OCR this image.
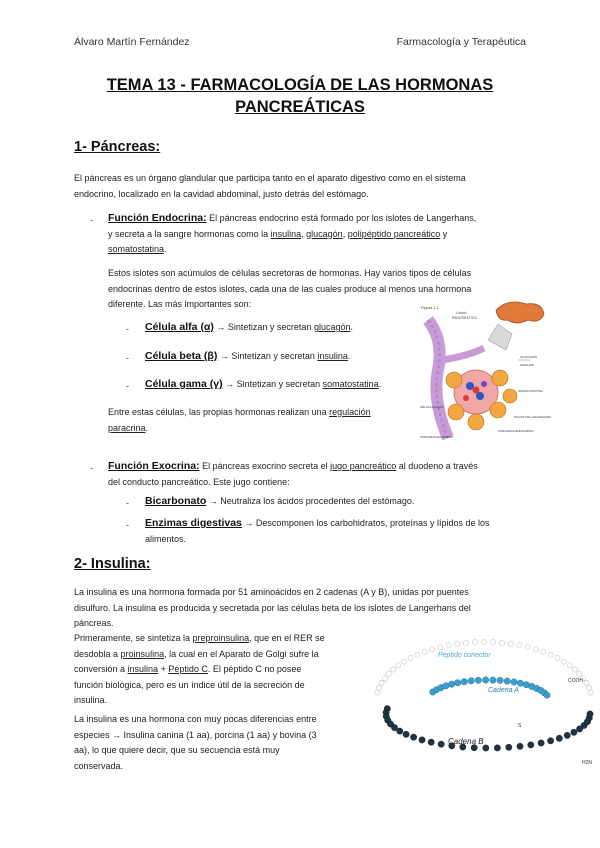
Álvaro Martín Fernández	Farmacología y Terapéutica
TEMA 13 - FARMACOLOGÍA DE LAS HORMONAS
PANCREÁTICAS
1- Páncreas:
El páncreas es un órgano glandular que participa tanto en el aparato digestivo como en el sistema
endocrino, localizado en la cavidad abdominal, justo detrás del estómago.
- Función Endocrina: El páncreas endocrino está formado por los islotes de Langerhans,
y secreta a la sangre hormonas como la insulina, glucagón, polipéptido pancreático y
somatostatina.
Estos islotes son acúmulos de células secretoras de hormonas. Hay varios tipos de células
endocrinas dentro de estos islotes, cada una de las cuales produce al menos una hormona
diferente. Las más importantes son:
- Célula alfa (α) → Sintetizan y secretan glucagón.
- Célula beta (β) → Sintetizan y secretan insulina.
- Célula gama (γ) → Sintetizan y secretan somatostatina.
Entre estas células, las propias hormonas realizan una regulación
paracrina.
Figura 1.1
Lóbulo
PANCREÁTICO
GLUCAGÓN
INSULINA
SOMATOSTATINA
ISLOTE DE LANGERHANS
CÉLULA ACINAR
PÁNCREAS ENDOCRINO
PÁNCREAS EXOCRINO
- Función Exocrina: El páncreas exocrino secreta el jugo pancreático al duodeno a través
del conducto pancreático. Este jugo contiene:
- Bicarbonato → Neutraliza los ácidos procedentes del estómago.
- Enzimas digestivas → Descomponen los carbohidratos, proteínas y lípidos de los
alimentos.
2- Insulina:
La insulina es una hormona formada por 51 aminoácidos en 2 cadenas (A y B), unidas por puentes
disulfuro. La insulina es producida y secretada por las células beta de los islotes de Langerhans del
páncreas.
Primeramente, se sintetiza la preproinsulina, que en el RER se
desdobla a proinsulina, la cual en el Aparato de Golgi sufre la
conversión a insulina + Péptido C. El péptido C no posee
función biológica, pero es un índice útil de la secreción de
insulina.
La insulina es una hormona con muy pocas diferencias entre
especies → Insulina canina (1 aa), porcina (1 aa) y bovina (3
aa), lo que quiere decir, que su secuencia está muy
conservada.
Péptido conector
Cadena A
Cadena B
COOH
H2N
S
